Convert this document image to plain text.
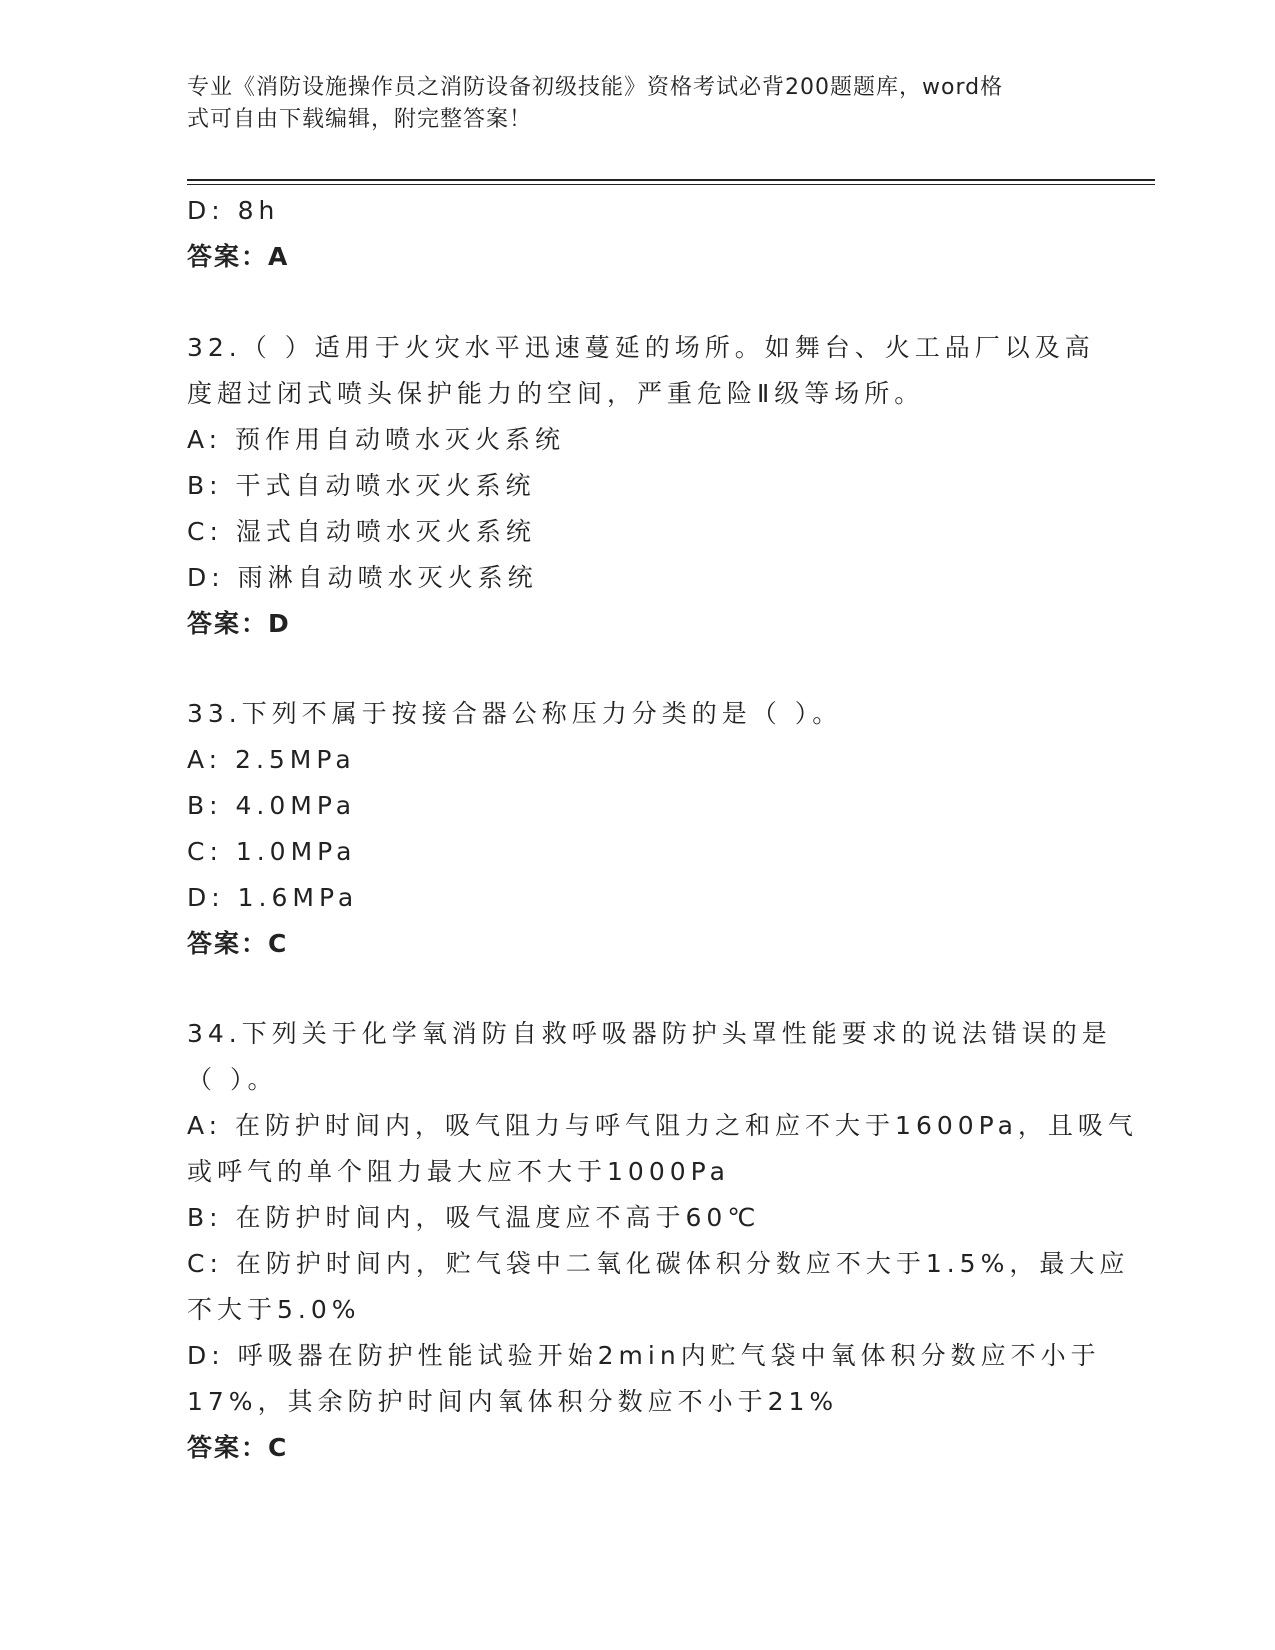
专业《消防设施操作员之消防设备初级技能》资格考试必背200题题库，word格

式可自由下载编辑，附完整答案！

D: 8h
答案：A
32.（ ）适用于火灾水平迅速蔓延的场所。如舞台、火工品厂以及高
度超过闭式喷头保护能力的空间，严重危险Ⅱ级等场所。
A: 预作用自动喷水灭火系统
B: 干式自动喷水灭火系统
C: 湿式自动喷水灭火系统
D: 雨淋自动喷水灭火系统
答案：D
33.下列不属于按接合器公称压力分类的是（ ）。
A: 2.5MPa
B: 4.0MPa
C: 1.0MPa
D: 1.6MPa
答案：C
34.下列关于化学氧消防自救呼吸器防护头罩性能要求的说法错误的是
（ ）。
A: 在防护时间内，吸气阻力与呼气阻力之和应不大于1600Pa，且吸气
或呼气的单个阻力最大应不大于1000Pa
B: 在防护时间内，吸气温度应不高于60℃
C: 在防护时间内，贮气袋中二氧化碳体积分数应不大于1.5%，最大应
不大于5.0%
D: 呼吸器在防护性能试验开始2min内贮气袋中氧体积分数应不小于
17%，其余防护时间内氧体积分数应不小于21%
答案：C
